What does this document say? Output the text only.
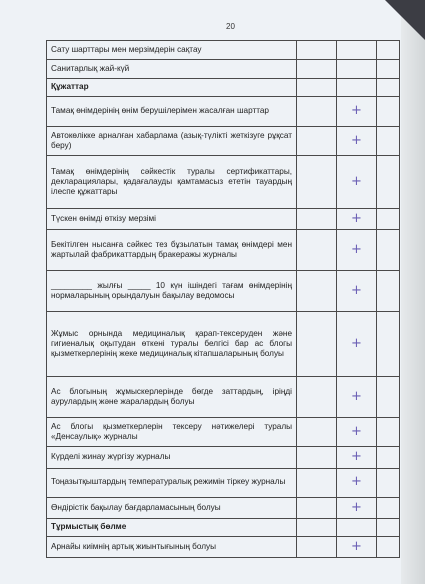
20
Сату шарттары мен мерзімдерін сақтау			
Санитарлық жай-күй			
Құжаттар			
Тамақ өнімдерінің өнім берушілерімен жасалған шарттар		+	
Автокөлікке арналған хабарлама (азық-түлікті жеткізуге рұқсат беру)		+	
Тамақ өнімдерінің сәйкестік туралы сертификаттары, декларациялары, қадағалауды қамтамасыз ететін тауардың ілеспе құжаттары		+	
Түскен өнімді өткізу мерзімі		+	
Бекітілген нысанға сәйкес тез бұзылатын тамақ өнімдері мен жартылай фабрикаттардың бракеражы журналы		+	
_________ жылғы _____ 10 күн ішіндегі тағам өнімдерінің нормаларының орындалуын бақылау ведомосы		+	
Жұмыс орнында медициналық қарап-тексеруден және гигиеналық оқытудан өткені туралы белгісі бар ас блогы қызметкерлерінің жеке медициналық кітапшаларының болуы		+	
Ас блогының жұмыскерлерінде бөгде заттардың, іріңді аурулардың және жаралардың болуы		+	
Ас блогы қызметкерлерін тексеру нәтижелері туралы «Денсаулық» журналы		+	
Күрделі жинау жүргізу журналы		+	
Тоңазытқыштардың температуралық режимін тіркеу журналы		+	
Өндірістік бақылау бағдарламасының болуы		+	
Тұрмыстық бөлме			
Арнайы киімнің артық жиынтығының болуы		+	
